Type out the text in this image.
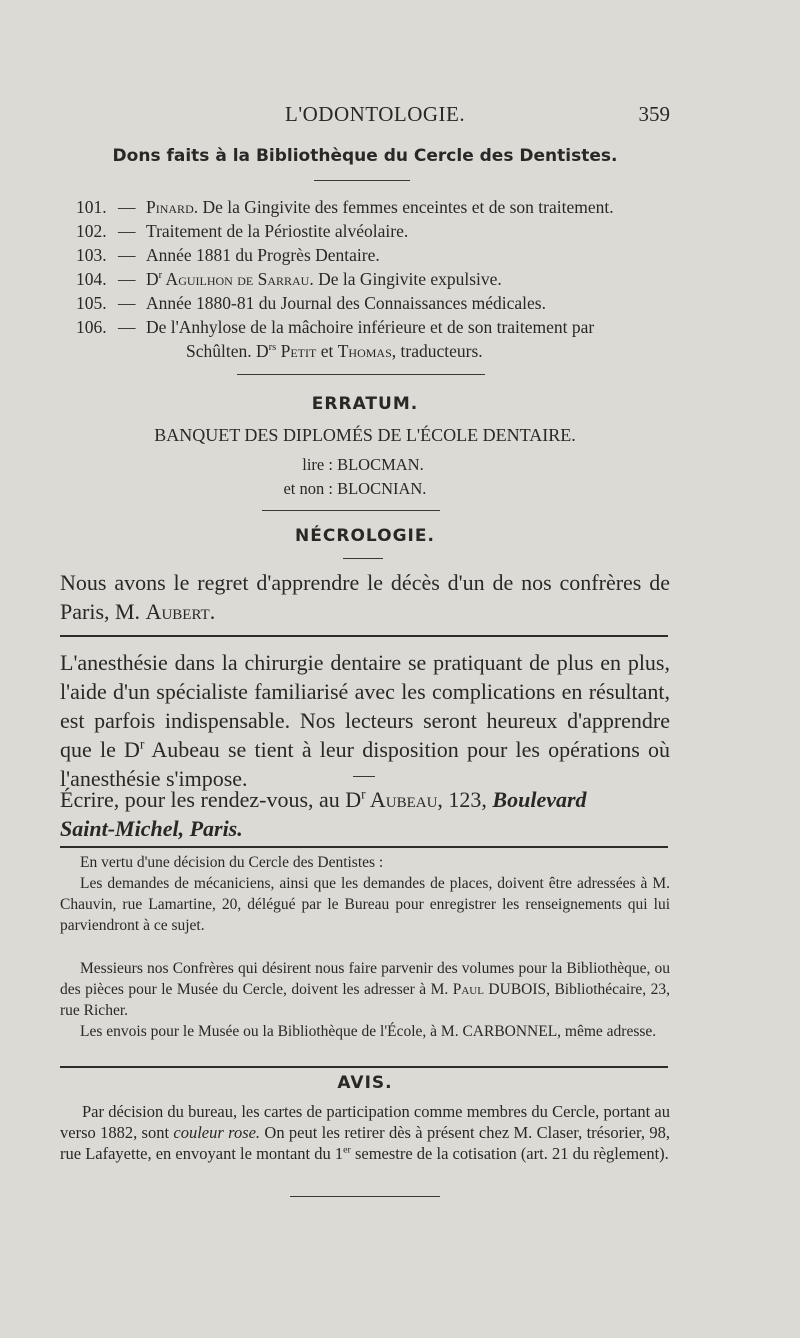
L'ODONTOLOGIE.	359
Dons faits à la Bibliothèque du Cercle des Dentistes.
101. — Pinard. De la Gingivite des femmes enceintes et de son traitement.
102. — Traitement de la Périostite alvéolaire.
103. — Année 1881 du Progrès Dentaire.
104. — $D^r$ Aguilhon de Sarrau. De la Gingivite expulsive.
105. — Année 1880-81 du Journal des Connaissances médicales.
106. — De l'Anhylose de la mâchoire inférieure et de son traitement par
Schûlten. $D^{rs}$ Petit et Thomas, traducteurs.
ERRATUM.
BANQUET DES DIPLOMÉS DE L'ÉCOLE DENTAIRE.
lire : BLOCMAN.
et non : BLOCNIAN.
NÉCROLOGIE.
Nous avons le regret d'apprendre le décès d'un de nos confrères de Paris, M. Aubert.
L'anesthésie dans la chirurgie dentaire se pratiquant de plus en plus, l'aide d'un spécialiste familiarisé avec les complications en résultant, est parfois indispensable. Nos lecteurs seront heureux d'apprendre que le $D^r$ Aubeau se tient à leur disposition pour les opérations où l'anesthésie s'impose.
Écrire, pour les rendez-vous, au $D^r$ Aubeau, 123, Boulevard
Saint-Michel, Paris.
En vertu d'une décision du Cercle des Dentistes :
Les demandes de mécaniciens, ainsi que les demandes de places, doivent être adressées à M. Chauvin, rue Lamartine, 20, délégué par le Bureau pour enregistrer les renseignements qui lui parviendront à ce sujet.
Messieurs nos Confrères qui désirent nous faire parvenir des volumes pour la Bibliothèque, ou des pièces pour le Musée du Cercle, doivent les adresser à M. Paul DUBOIS, Bibliothécaire, 23, rue Richer.
Les envois pour le Musée ou la Bibliothèque de l'École, à M. CARBONNEL, même adresse.
AVIS.
Par décision du bureau, les cartes de participation comme membres du Cercle, portant au verso 1882, sont couleur rose. On peut les retirer dès à présent chez M. Claser, trésorier, 98, rue Lafayette, en envoyant le montant du 1er semestre de la cotisation (art. 21 du règlement).
